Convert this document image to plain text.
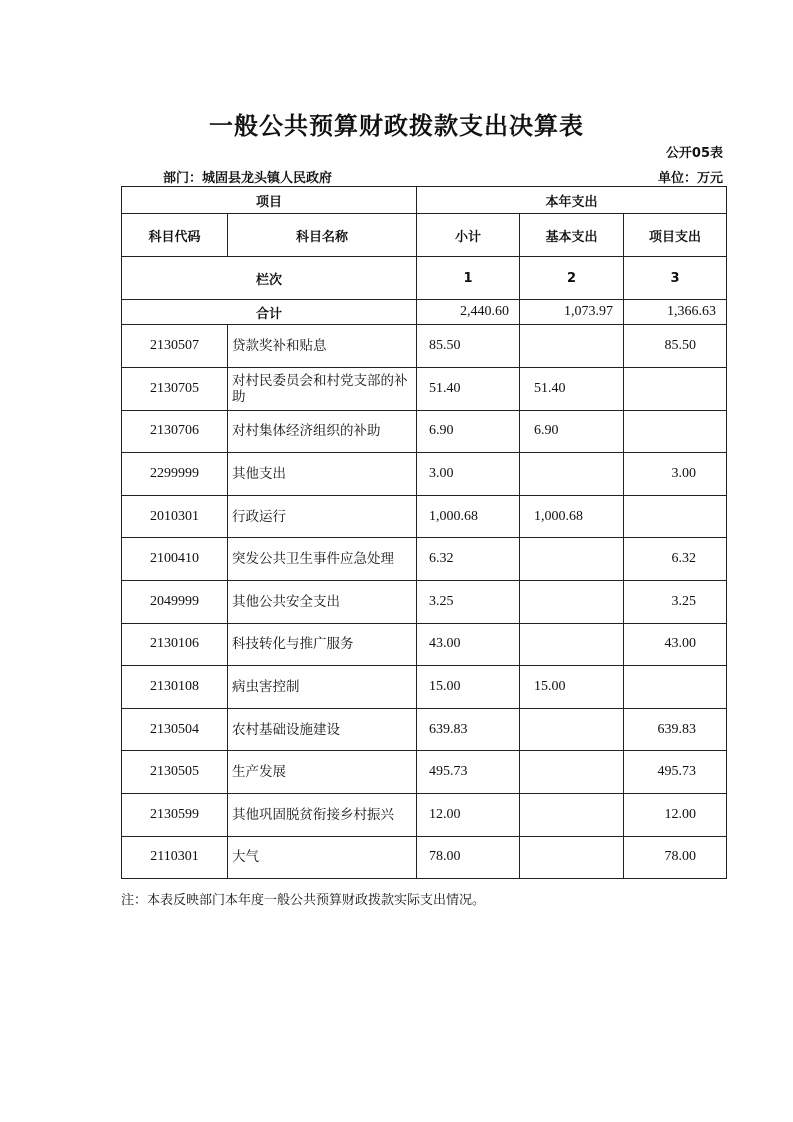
一般公共预算财政拨款支出决算表
公开05表
部门：城固县龙头镇人民政府	单位：万元
项目		本年支出		
科目代码	科目名称	小计	基本支出	项目支出
栏次		1	2	3
合计		2,440.60	1,073.97	1,366.63
2130507	贷款奖补和贴息	85.50		85.50
2130705	对村民委员会和村党支部的补助	51.40	51.40	
2130706	对村集体经济组织的补助	6.90	6.90	
2299999	其他支出	3.00		3.00
2010301	行政运行	1,000.68	1,000.68	
2100410	突发公共卫生事件应急处理	6.32		6.32
2049999	其他公共安全支出	3.25		3.25
2130106	科技转化与推广服务	43.00		43.00
2130108	病虫害控制	15.00	15.00	
2130504	农村基础设施建设	639.83		639.83
2130505	生产发展	495.73		495.73
2130599	其他巩固脱贫衔接乡村振兴	12.00		12.00
2110301	大气	78.00		78.00
注：本表反映部门本年度一般公共预算财政拨款实际支出情况。
